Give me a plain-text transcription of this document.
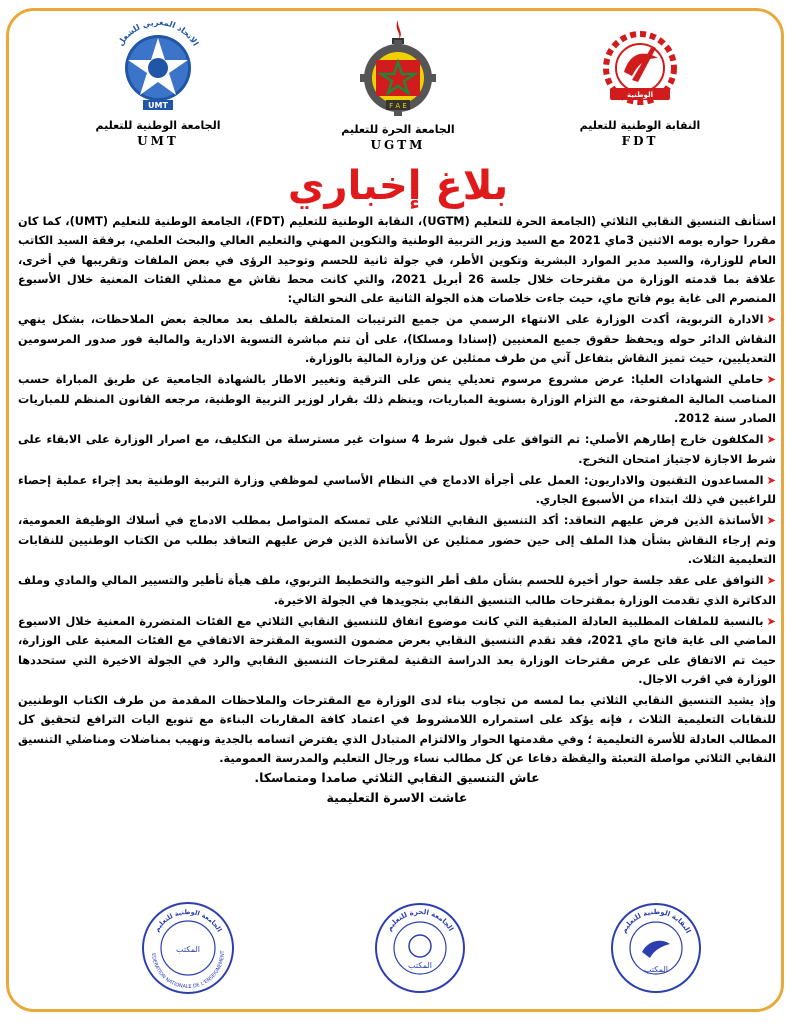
الاتحاد المغربي للشغل
UMT
الجامعة الوطنية للتعليم
UMT
F A E
الجامعة الحرة للتعليم
UGTM
الوطنية
النقابة الوطنية للتعليم
FDT
بلاغ إخباري

استأنف التنسيق النقابي الثلاثي (الجامعة الحرة للتعليم (UGTM)، النقابة الوطنية للتعليم (FDT)، الجامعة الوطنية للتعليم (UMT)، كما كان مقررا حواره يومه الاثنين 3ماي 2021 مع السيد وزير التربية الوطنية والتكوين المهني والتعليم العالي والبحث العلمي، برفقة السيد الكاتب العام للوزارة، والسيد مدير الموارد البشرية وتكوين الأطر، في جولة ثانية للحسم وتوحيد الرؤى في بعض الملفات وتقريبها في أخرى، علاقة بما قدمته الوزارة من مقترحات خلال جلسة 26 أبريل 2021، والتي كانت محط نقاش مع ممثلي الفئات المعنية خلال الأسبوع المنصرم الى غاية يوم فاتح ماي، حيث جاءت خلاصات هذه الجولة الثانية على النحو التالي:

➤الادارة التربوية، أكدت الوزارة على الانتهاء الرسمي من جميع الترتيبات المتعلقة بالملف بعد معالجة بعض الملاحظات، بشكل ينهي النقاش الدائر حوله ويحفظ حقوق جميع المعنيين (إسنادا ومسلكا)، على أن تتم مباشرة التسوية الادارية والمالية فور صدور المرسومين التعديليين، حيث تميز النقاش بتفاعل آني من طرف ممثلين عن وزارة المالية بالوزارة.

➤حاملي الشهادات العليا: عرض مشروع مرسوم تعديلي ينص على الترقية وتغيير الاطار بالشهادة الجامعية عن طريق المباراة حسب المناصب المالية المفتوحة، مع التزام الوزارة بسنوية المباريات، وينظم ذلك بقرار لوزير التربية الوطنية، مرجعه القانون المنظم للمباريات الصادر سنة 2012.

➤المكلفون خارج إطارهم الأصلي: تم التوافق على قبول شرط 4 سنوات غير مسترسلة من التكليف، مع اصرار الوزارة على الابقاء على شرط الاجازة لاجتياز امتحان التخرج.

➤المساعدون التقنيون والاداريون: العمل على أجرأة الادماج في النظام الأساسي لموظفي وزارة التربية الوطنية بعد إجراء عملية إحصاء للراغبين في ذلك ابتداء من الأسبوع الجاري.

➤الأساتذة الذين فرض عليهم التعاقد: أكد التنسيق النقابي الثلاثي على تمسكه المتواصل بمطلب الادماج في أسلاك الوظيفة العمومية، وتم إرجاء النقاش بشأن هذا الملف إلى حين حضور ممثلين عن الأساتذة الذين فرض عليهم التعاقد بطلب من الكتاب الوطنيين للنقابات التعليمية الثلاث.

➤التوافق على عقد جلسة حوار أخيرة للحسم بشأن ملف أطر التوجيه والتخطيط التربوي، ملف هيأة تأطير والتسيير المالي والمادي وملف الدكاترة الذي تقدمت الوزارة بمقترحات طالب التنسيق النقابي بتجويدها في الجولة الاخيرة.

➤بالنسبة للملفات المطلبية العادلة المتبقية التي كانت موضوع اتفاق للتنسيق النقابي الثلاثي مع الفئات المتضررة المعنية خلال الاسبوع الماضي الى غاية فاتح ماي 2021، فقد تقدم التنسيق النقابي بعرض مضمون التسوية المقترحة الاتفاقي مع الفئات المعنية على الوزارة، حيث تم الاتفاق على عرض مقترحات الوزارة بعد الدراسة التقنية لمقترحات التنسيق النقابي والرد في الجولة الاخيرة التي ستحددها الوزارة في اقرب الاجال.

وإذ يشيد التنسيق النقابي الثلاثي بما لمسه من تجاوب بناء لدى الوزارة مع المقترحات والملاحظات المقدمة من طرف الكتاب الوطنيين للنقابات التعليمية الثلاث ، فإنه يؤكد على استمراره اللامشروط في اعتماد كافة المقاربات البناءة مع تنويع اليات الترافع لتحقيق كل المطالب العادلة للأسرة التعليمية ؛ وفي مقدمتها الحوار والالتزام المتبادل الذي يفترض اتسامه بالجدية ونهيب بمناضلات ومناضلي التنسيق النقابي الثلاثي مواصلة التعبئة واليقظة دفاعا عن كل مطالب نساء ورجال التعليم والمدرسة العمومية.

عاش التنسيق النقابي الثلاثي صامدا ومتماسكا.

عاشت الاسرة التعليمية

الجامعة الوطنية للتعليم
EDERATION NATIONALE DE L'ENSEIGNEMENT
المكتب
الجامعة الحرة للتعليم
المكتب
النقابة الوطنية للتعليم
المكتب
